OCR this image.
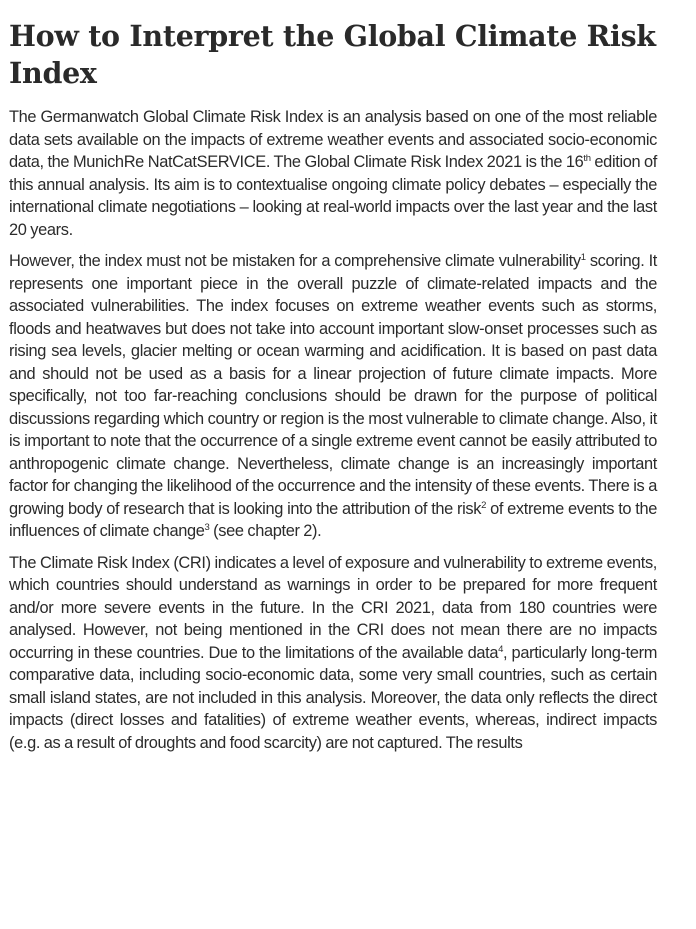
How to Interpret the Global Climate Risk Index

The Germanwatch Global Climate Risk Index is an analysis based on one of the most reliable data sets available on the impacts of extreme weather events and associated socio-economic data, the MunichRe NatCatSERVICE. The Global Climate Risk Index 2021 is the 16th edition of this annual analysis. Its aim is to contextualise ongoing climate policy debates – especially the international climate negotiations – looking at real-world impacts over the last year and the last 20 years.

However, the index must not be mistaken for a comprehensive climate vulnerability$^1$ scoring. It represents one important piece in the overall puzzle of climate-related impacts and the associated vulnerabilities. The index focuses on extreme weather events such as storms, floods and heatwaves but does not take into account important slow-onset processes such as rising sea levels, glacier melting or ocean warming and acidification. It is based on past data and should not be used as a basis for a linear projection of future climate impacts. More specifically, not too far-reaching conclusions should be drawn for the purpose of political discussions regarding which country or region is the most vulnerable to climate change. Also, it is important to note that the occurrence of a single extreme event cannot be easily attributed to anthropogenic climate change. Nevertheless, climate change is an increasingly important factor for changing the likelihood of the occurrence and the intensity of these events. There is a growing body of research that is looking into the attribution of the risk$^2$ of extreme events to the influences of climate change$^3$ (see chapter 2).

The Climate Risk Index (CRI) indicates a level of exposure and vulnerability to extreme events, which countries should understand as warnings in order to be prepared for more frequent and/or more severe events in the future. In the CRI 2021, data from 180 countries were analysed. However, not being mentioned in the CRI does not mean there are no impacts occurring in these countries. Due to the limitations of the available data$^4$, particularly long-term comparative data, including socio-economic data, some very small countries, such as certain small island states, are not included in this analysis. Moreover, the data only reflects the direct impacts (direct losses and fatalities) of extreme weather events, whereas, indirect impacts (e.g. as a result of droughts and food scarcity) are not captured. The results
